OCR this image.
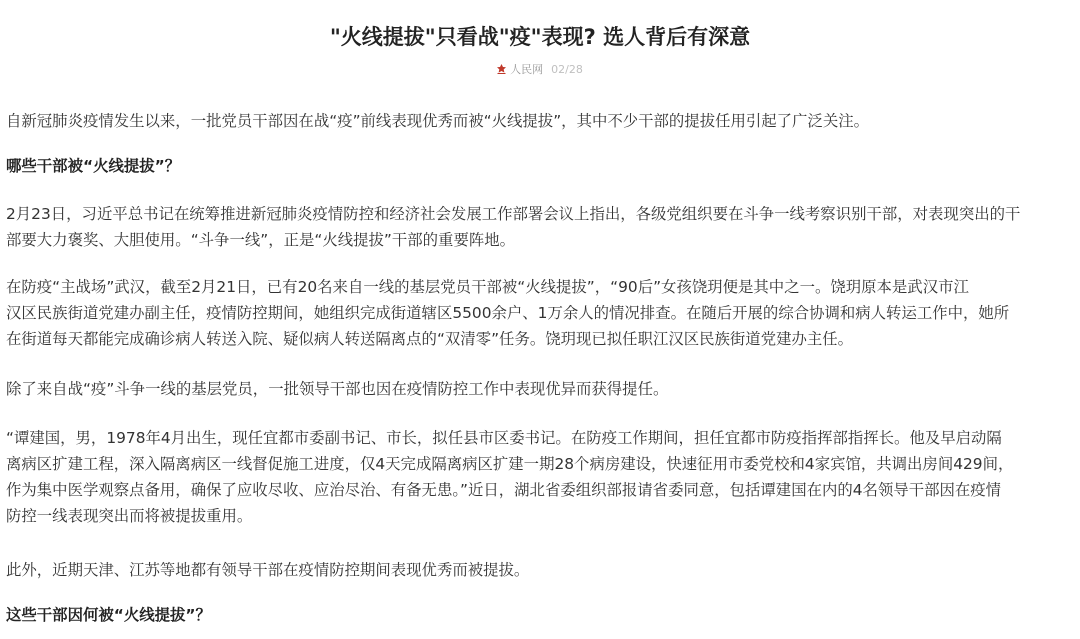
"火线提拔"只看战"疫"表现? 选人背后有深意
人民网 02/28

自新冠肺炎疫情发生以来，一批党员干部因在战“疫”前线表现优秀而被“火线提拔”，其中不少干部的提拔任用引起了广泛关注。

哪些干部被“火线提拔”？

2月23日，习近平总书记在统筹推进新冠肺炎疫情防控和经济社会发展工作部署会议上指出，各级党组织要在斗争一线考察识别干部，对表现突出的干
部要大力褒奖、大胆使用。“斗争一线”，正是“火线提拔”干部的重要阵地。

在防疫“主战场”武汉，截至2月21日，已有20名来自一线的基层党员干部被“火线提拔”，“90后”女孩饶玥便是其中之一。饶玥原本是武汉市江
汉区民族街道党建办副主任，疫情防控期间，她组织完成街道辖区5500余户、1万余人的情况排查。在随后开展的综合协调和病人转运工作中，她所
在街道每天都能完成确诊病人转送入院、疑似病人转送隔离点的“双清零”任务。饶玥现已拟任职江汉区民族街道党建办主任。

除了来自战“疫”斗争一线的基层党员，一批领导干部也因在疫情防控工作中表现优异而获得提任。

“谭建国，男，1978年4月出生，现任宜都市委副书记、市长，拟任县市区委书记。在防疫工作期间，担任宜都市防疫指挥部指挥长。他及早启动隔
离病区扩建工程，深入隔离病区一线督促施工进度，仅4天完成隔离病区扩建一期28个病房建设，快速征用市委党校和4家宾馆，共调出房间429间，
作为集中医学观察点备用，确保了应收尽收、应治尽治、有备无患。”近日，湖北省委组织部报请省委同意，包括谭建国在内的4名领导干部因在疫情
防控一线表现突出而将被提拔重用。

此外，近期天津、江苏等地都有领导干部在疫情防控期间表现优秀而被提拔。

这些干部因何被“火线提拔”？
